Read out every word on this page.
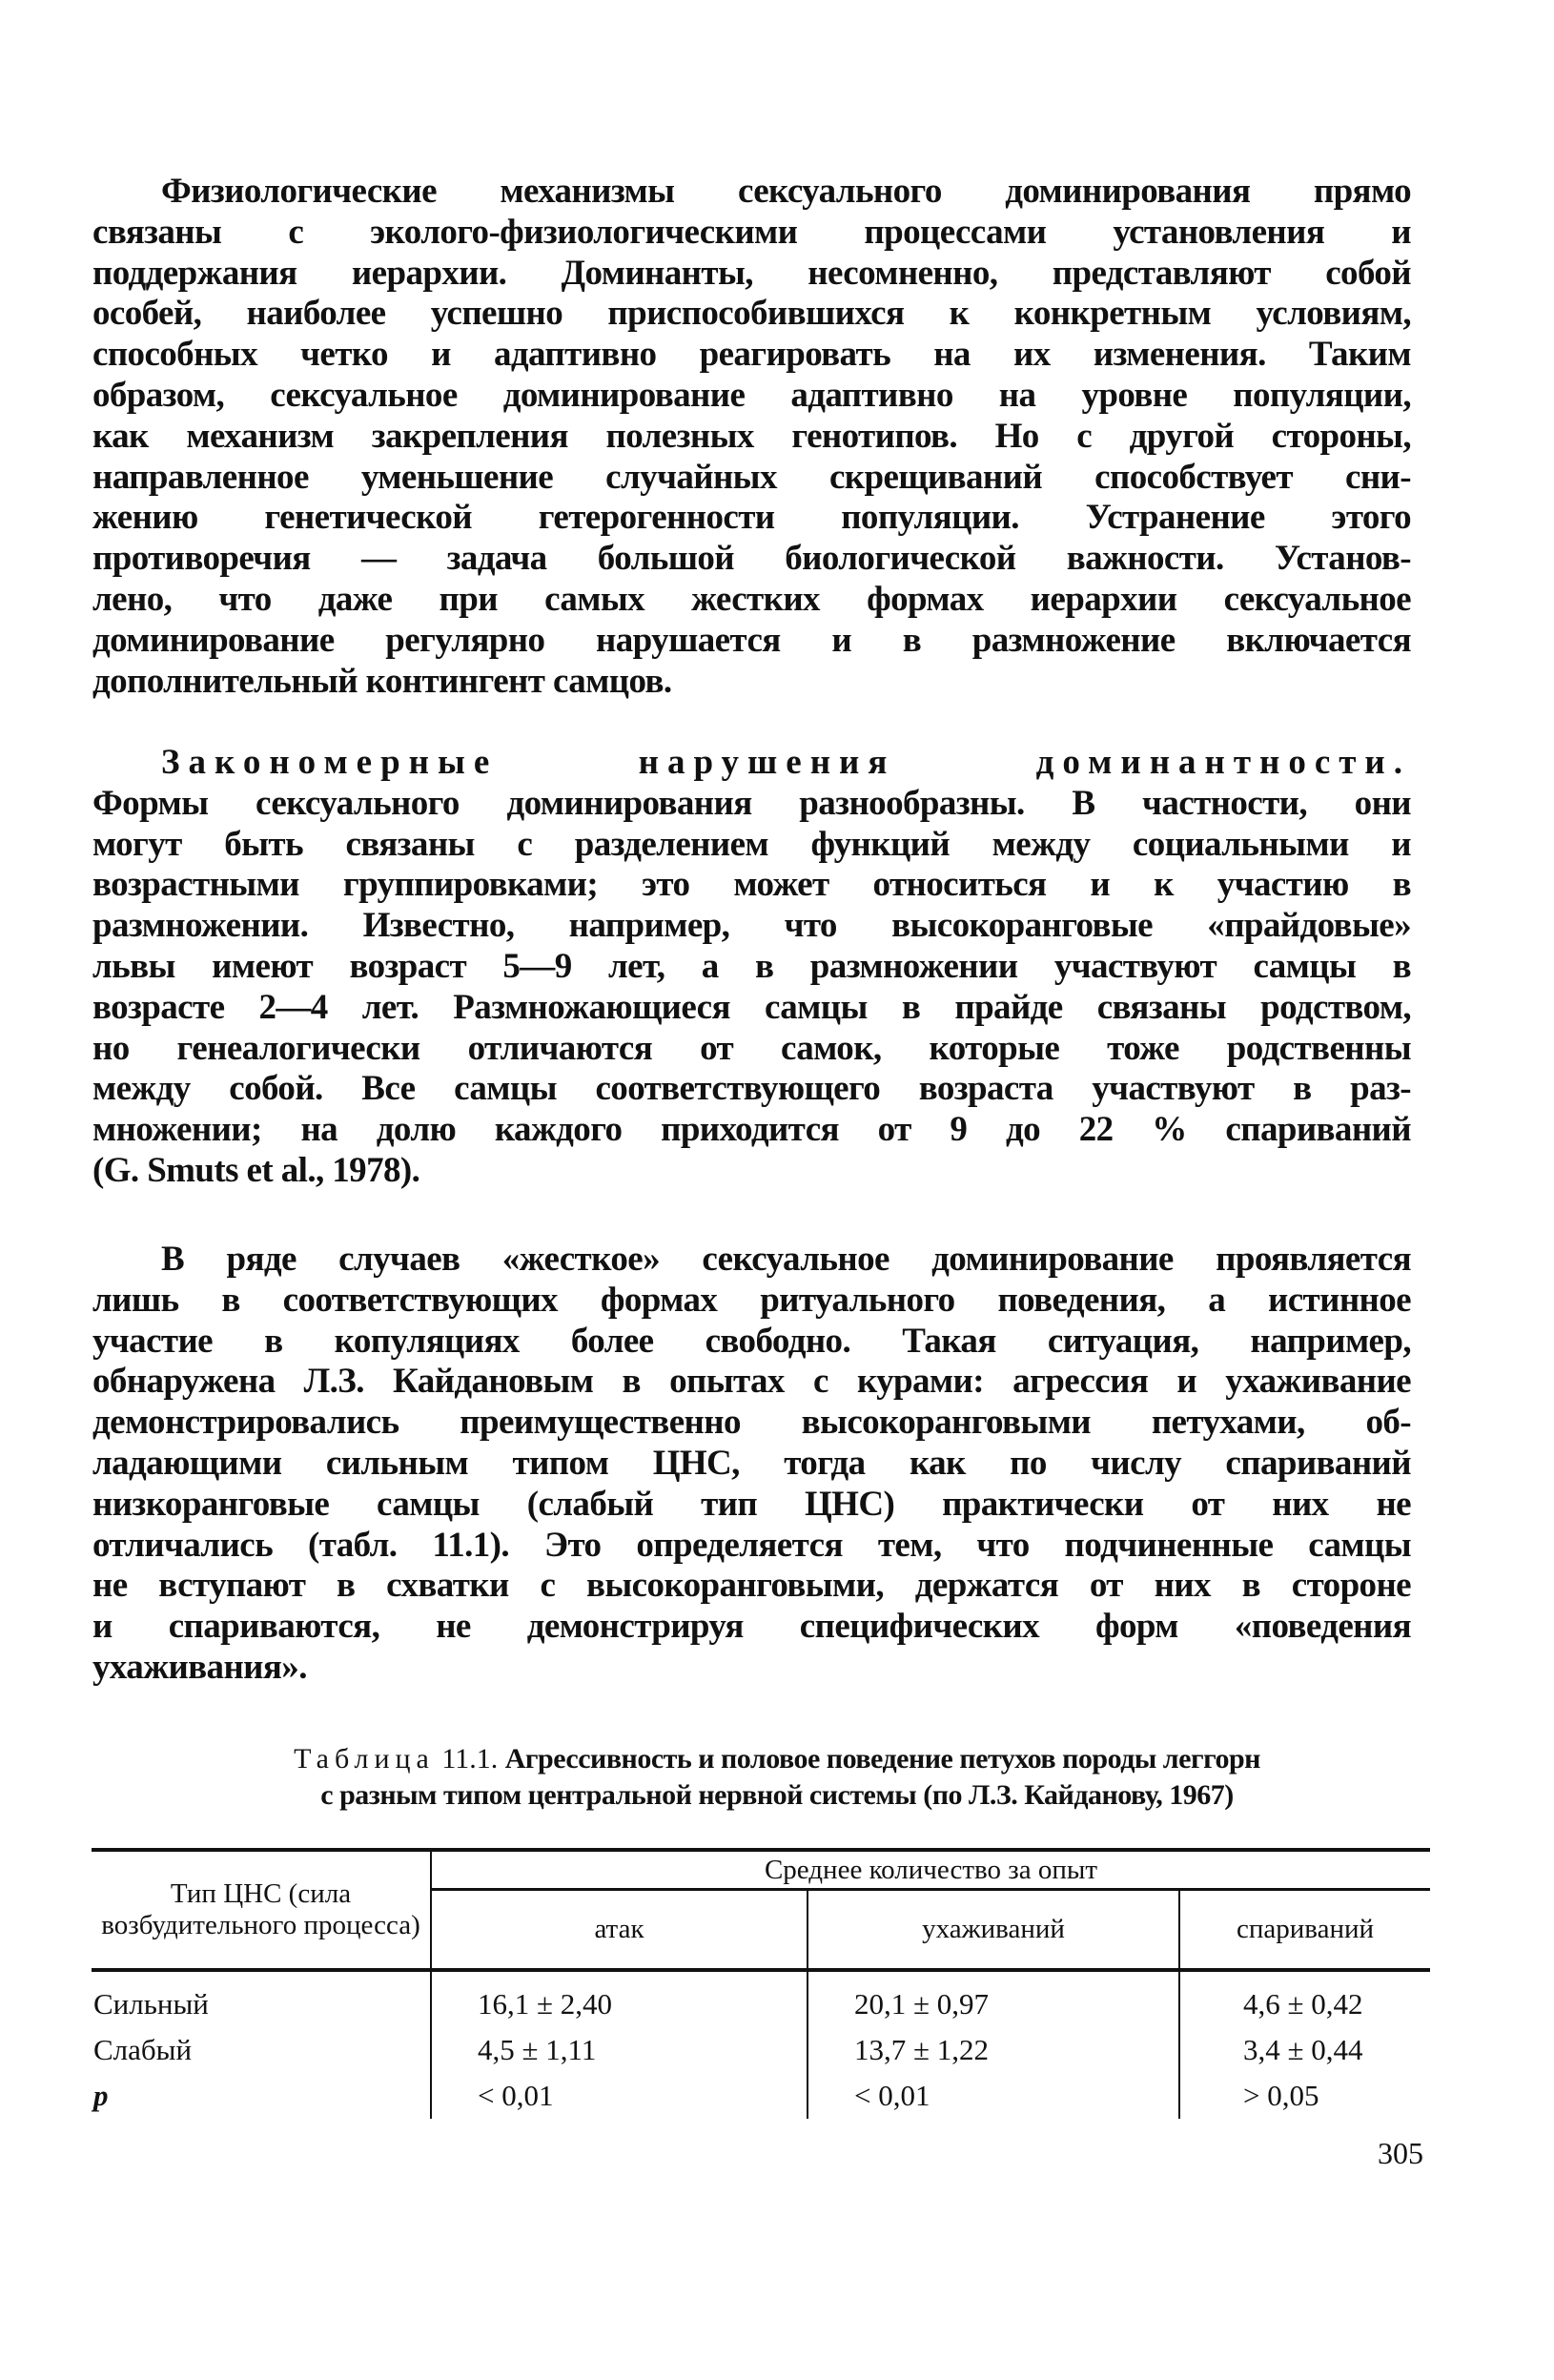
Физиологические механизмы сексуального доминирования прямо
связаны с эколого-физиологическими процессами установления и
поддержания иерархии. Доминанты, несомненно, представляют собой
особей, наиболее успешно приспособившихся к конкретным условиям,
способных четко и адаптивно реагировать на их изменения. Таким
образом, сексуальное доминирование адаптивно на уровне популяции,
как механизм закрепления полезных генотипов. Но с другой стороны,
направленное уменьшение случайных скрещиваний способствует сни-
жению генетической гетерогенности популяции. Устранение этого
противоречия — задача большой биологической важности. Установ-
лено, что даже при самых жестких формах иерархии сексуальное
доминирование регулярно нарушается и в размножение включается
дополнительный контингент самцов.
Закономерные нарушения доминантности.
Формы сексуального доминирования разнообразны. В частности, они
могут быть связаны с разделением функций между социальными и
возрастными группировками; это может относиться и к участию в
размножении. Известно, например, что высокоранговые «прайдовые»
львы имеют возраст 5—9 лет, а в размножении участвуют самцы в
возрасте 2—4 лет. Размножающиеся самцы в прайде связаны родством,
но генеалогически отличаются от самок, которые тоже родственны
между собой. Все самцы соответствующего возраста участвуют в раз-
множении; на долю каждого приходится от 9 до 22 % спариваний
(G. Smuts et al., 1978).
В ряде случаев «жесткое» сексуальное доминирование проявляется
лишь в соответствующих формах ритуального поведения, а истинное
участие в копуляциях более свободно. Такая ситуация, например,
обнаружена Л.З. Кайдановым в опытах с курами: агрессия и ухаживание
демонстрировались преимущественно высокоранговыми петухами, об-
ладающими сильным типом ЦНС, тогда как по числу спариваний
низкоранговые самцы (слабый тип ЦНС) практически от них не
отличались (табл. 11.1). Это определяется тем, что подчиненные самцы
не вступают в схватки с высокоранговыми, держатся от них в стороне
и спариваются, не демонстрируя специфических форм «поведения
ухаживания».
Таблица 11.1. Агрессивность и половое поведение петухов породы леггорн
с разным типом центральной нервной системы (по Л.З. Кайданову, 1967)
Тип ЦНС (сила возбудительного процесса)	Среднее количество за опыт		
	атак	ухаживаний	спариваний
Сильный	16,1 ± 2,40	20,1 ± 0,97	4,6 ± 0,42
Слабый	4,5 ± 1,11	13,7 ± 1,22	3,4 ± 0,44
p	< 0,01	< 0,01	> 0,05
305
